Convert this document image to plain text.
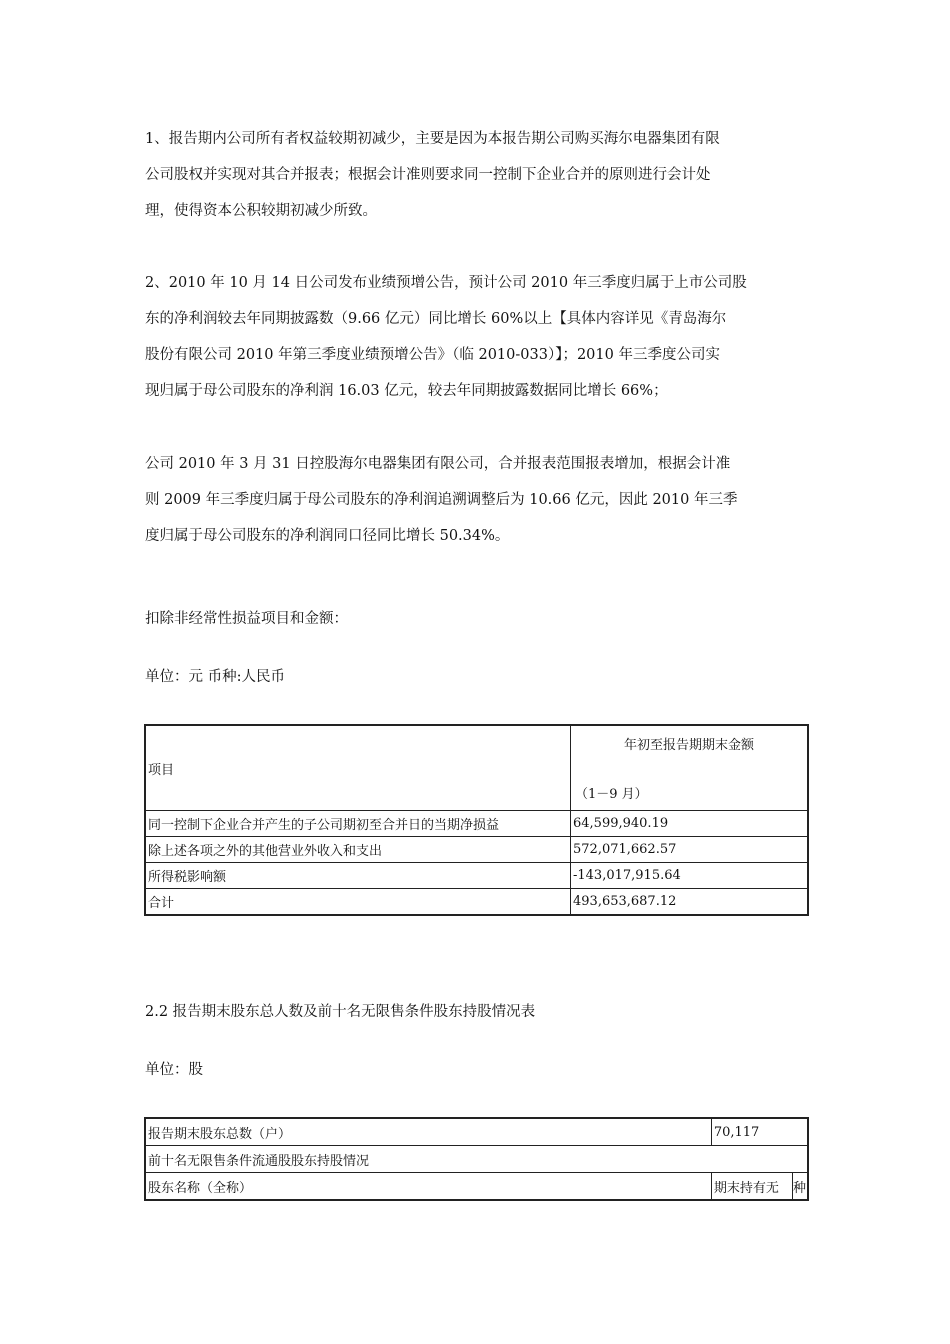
1、报告期内公司所有者权益较期初减少，主要是因为本报告期公司购买海尔电器集团有限
公司股权并实现对其合并报表；根据会计准则要求同一控制下企业合并的原则进行会计处
理，使得资本公积较期初减少所致。
2、2010 年 10 月 14 日公司发布业绩预增公告，预计公司 2010 年三季度归属于上市公司股
东的净利润较去年同期披露数（9.66 亿元）同比增长 60%以上【具体内容详见《青岛海尔
股份有限公司 2010 年第三季度业绩预增公告》（临 2010-033）】；2010 年三季度公司实
现归属于母公司股东的净利润 16.03 亿元，较去年同期披露数据同比增长 66%；
公司 2010 年 3 月 31 日控股海尔电器集团有限公司，合并报表范围报表增加，根据会计准
则 2009 年三季度归属于母公司股东的净利润追溯调整后为 10.66 亿元，因此 2010 年三季
度归属于母公司股东的净利润同口径同比增长 50.34%。
扣除非经常性损益项目和金额：
单位：元 币种:人民币
项目	年初至报告期期末金额
（1－9 月）

同一控制下企业合并产生的子公司期初至合并日的当期净损益	64,599,940.19
除上述各项之外的其他营业外收入和支出	572,071,662.57
所得税影响额	-143,017,915.64
合计	493,653,687.12
2.2 报告期末股东总人数及前十名无限售条件股东持股情况表
单位：股
报告期末股东总数（户）	70,117	
前十名无限售条件流通股股东持股情况		
股东名称（全称）	期末持有无	种
